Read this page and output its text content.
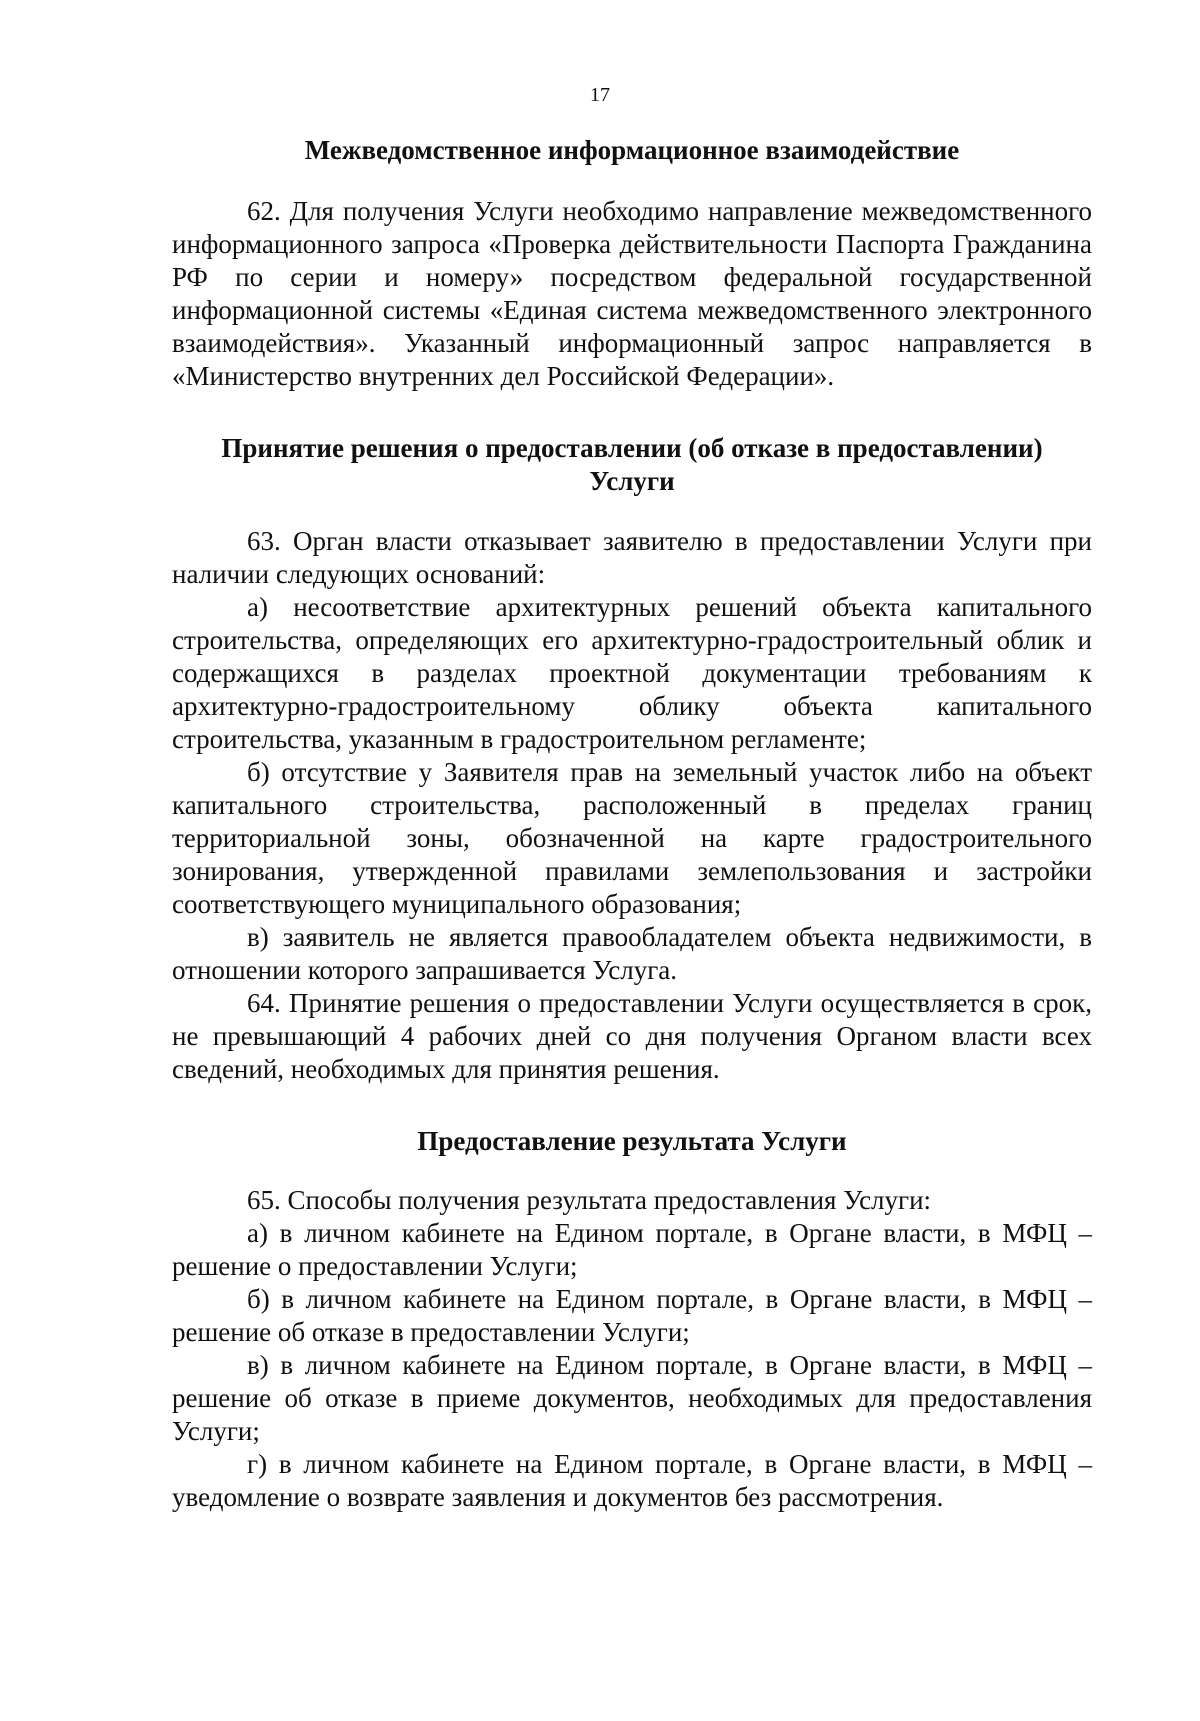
17
Межведомственное информационное взаимодействие

62. Для получения Услуги необходимо направление межведомственного информационного запроса «Проверка действительности Паспорта Гражданина РФ по серии и номеру» посредством федеральной государственной информационной системы «Единая система межведомственного электронного взаимодействия». Указанный информационный запрос направляется в «Министерство внутренних дел Российской Федерации».

Принятие решения о предоставлении (об отказе в предоставлении)
Услуги

63. Орган власти отказывает заявителю в предоставлении Услуги при наличии следующих оснований:

а) несоответствие архитектурных решений объекта капитального строительства, определяющих его архитектурно-градостроительный облик и содержащихся в разделах проектной документации требованиям к архитектурно-градостроительному облику объекта капитального строительства, указанным в градостроительном регламенте;

б) отсутствие у Заявителя прав на земельный участок либо на объект капитального строительства, расположенный в пределах границ территориальной зоны, обозначенной на карте градостроительного зонирования, утвержденной правилами землепользования и застройки соответствующего муниципального образования;

в) заявитель не является правообладателем объекта недвижимости, в отношении которого запрашивается Услуга.

64. Принятие решения о предоставлении Услуги осуществляется в срок, не превышающий 4 рабочих дней со дня получения Органом власти всех сведений, необходимых для принятия решения.

Предоставление результата Услуги

65. Способы получения результата предоставления Услуги:

а) в личном кабинете на Едином портале, в Органе власти, в МФЦ – решение о предоставлении Услуги;

б) в личном кабинете на Едином портале, в Органе власти, в МФЦ – решение об отказе в предоставлении Услуги;

в) в личном кабинете на Едином портале, в Органе власти, в МФЦ – решение об отказе в приеме документов, необходимых для предоставления Услуги;

г) в личном кабинете на Едином портале, в Органе власти, в МФЦ – уведомление о возврате заявления и документов без рассмотрения.
